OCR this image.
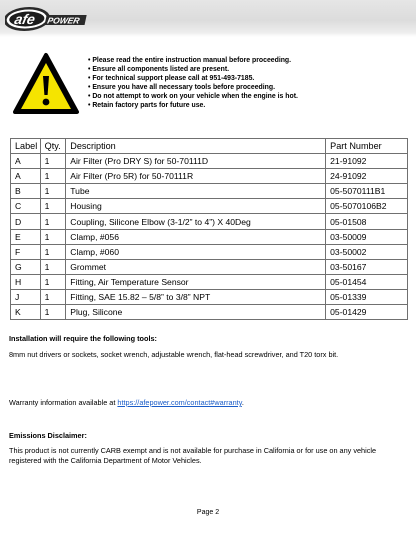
afe POWER
• Please read the entire instruction manual before proceeding.
• Ensure all components listed are present.
• For technical support please call at 951-493-7185.
• Ensure you have all necessary tools before proceeding.
• Do not attempt to work on your vehicle when the engine is hot.
• Retain factory parts for future use.
Label	Qty.	Description	Part Number
A	1	Air Filter (Pro DRY S) for 50-70111D	21-91092
A	1	Air Filter (Pro 5R) for 50-70111R	24-91092
B	1	Tube	05-5070111B1
C	1	Housing	05-5070106B2
D	1	Coupling, Silicone Elbow (3-1/2” to 4”) X 40Deg	05-01508
E	1	Clamp, #056	03-50009
F	1	Clamp, #060	03-50002
G	1	Grommet	03-50167
H	1	Fitting, Air Temperature Sensor	05-01454
J	1	Fitting, SAE 15.82 – 5/8” to 3/8” NPT	05-01339
K	1	Plug, Silicone	05-01429
Installation will require the following tools:
8mm nut drivers or sockets, socket wrench, adjustable wrench, flat-head screwdriver, and T20 torx bit.
Warranty information available at https://afepower.com/contact#warranty.
Emissions Disclaimer:
This product is not currently CARB exempt and is not available for purchase in California or for use on any vehicle registered with the California Department of Motor Vehicles.
Page 2
